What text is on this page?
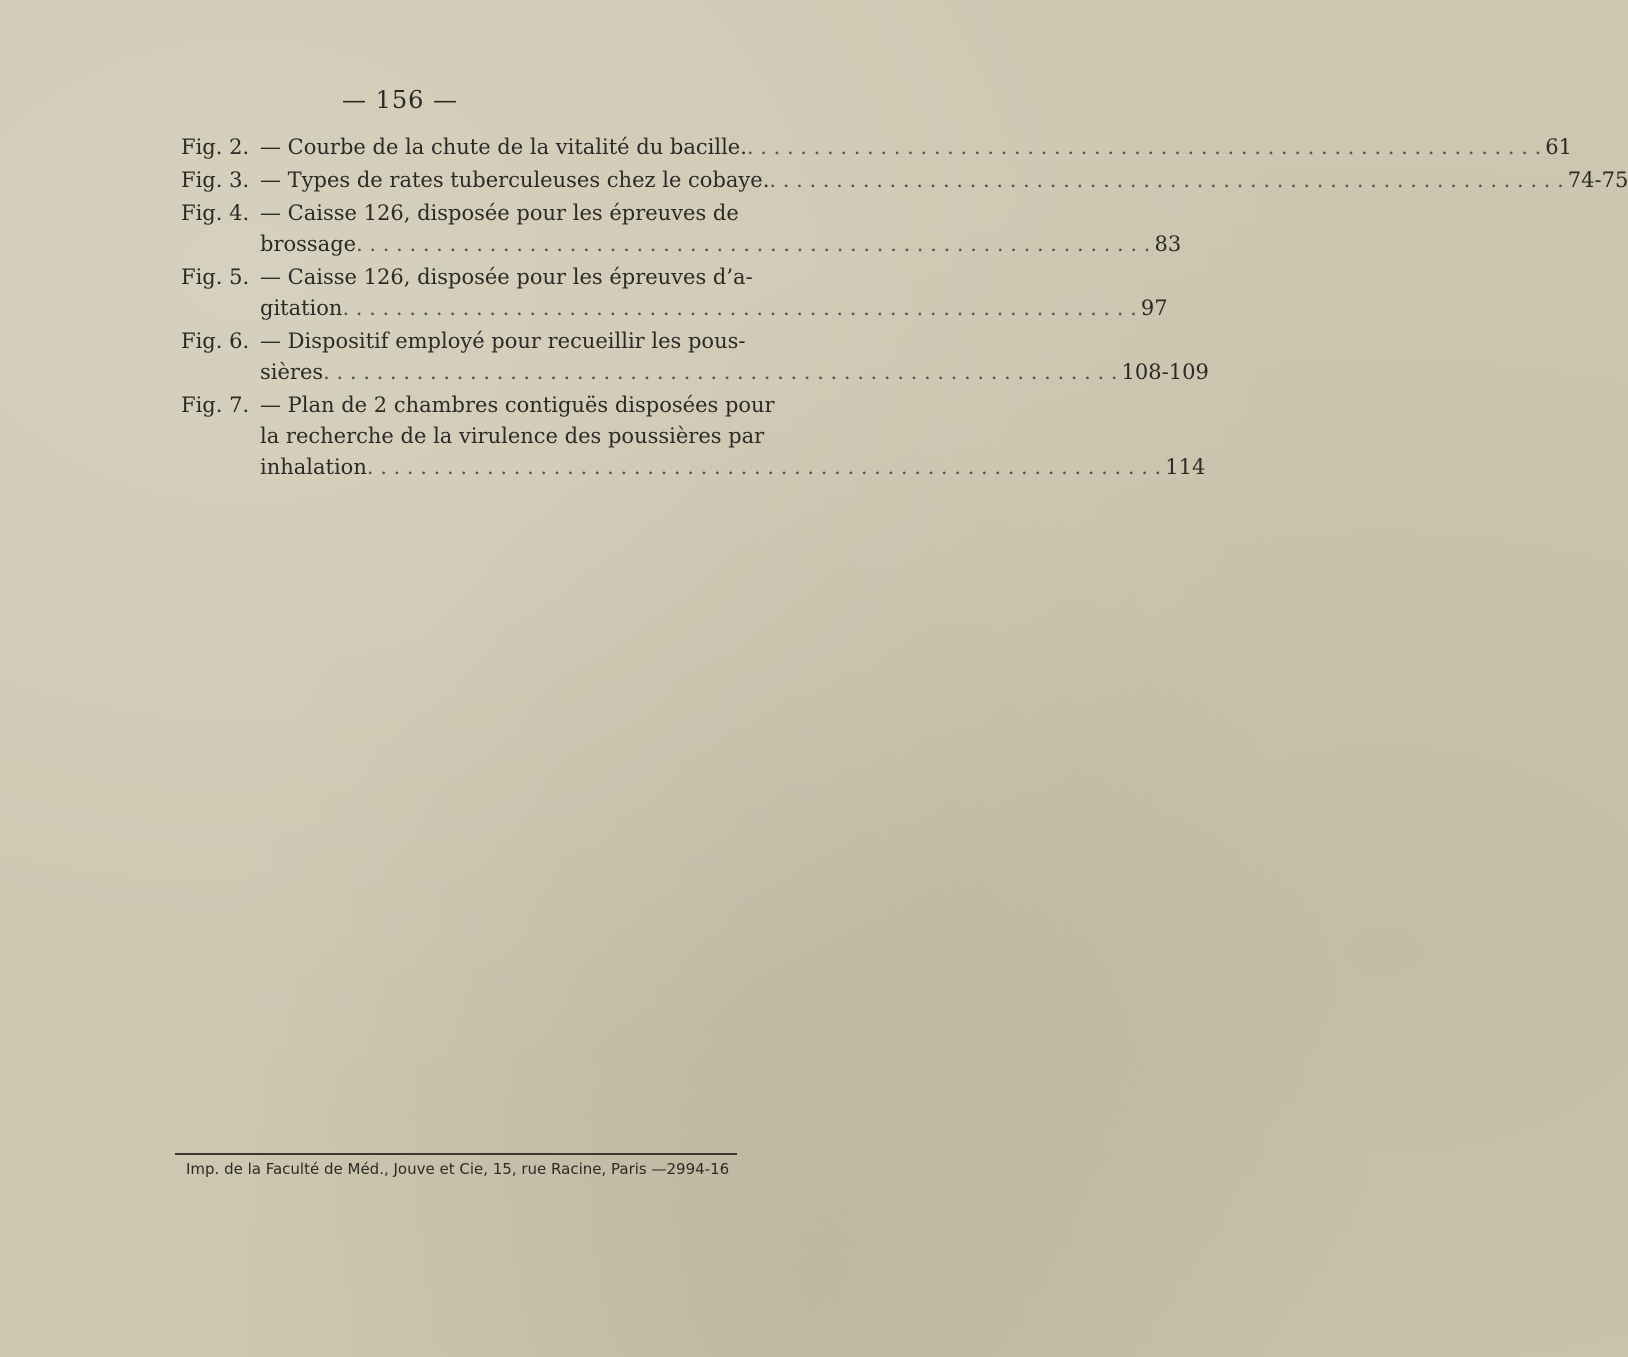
— 156 —
Fig. 2. — Courbe de la chute de la vitalité du bacille. . . . . . . . . . . . . . . . . . . . . . . . . . . . . . . . . . . . . . . . . . . . . . . . . . . . . . . . . . . . . 61
Fig. 3. — Types de rates tuberculeuses chez le cobaye. . . . . . . . . . . . . . . . . . . . . . . . . . . . . . . . . . . . . . . . . . . . . . . . . . . . . . . . . . . . . 74-75
Fig. 4. — Caisse 126, disposée pour les épreuves de
brossage . . . . . . . . . . . . . . . . . . . . . . . . . . . . . . . . . . . . . . . . . . . . . . . . . . . . . . . . . . . . 83
Fig. 5. — Caisse 126, disposée pour les épreuves d’a-
gitation . . . . . . . . . . . . . . . . . . . . . . . . . . . . . . . . . . . . . . . . . . . . . . . . . . . . . . . . . . . . 97
Fig. 6. — Dispositif employé pour recueillir les pous-
sières . . . . . . . . . . . . . . . . . . . . . . . . . . . . . . . . . . . . . . . . . . . . . . . . . . . . . . . . . . . . 108-109
Fig. 7. — Plan de 2 chambres contiguës disposées pour
la recherche de la virulence des poussières par
inhalation . . . . . . . . . . . . . . . . . . . . . . . . . . . . . . . . . . . . . . . . . . . . . . . . . . . . . . . . . . . . 114
Imp. de la Faculté de Méd., Jouve et Cie, 15, rue Racine, Paris —2994-16
